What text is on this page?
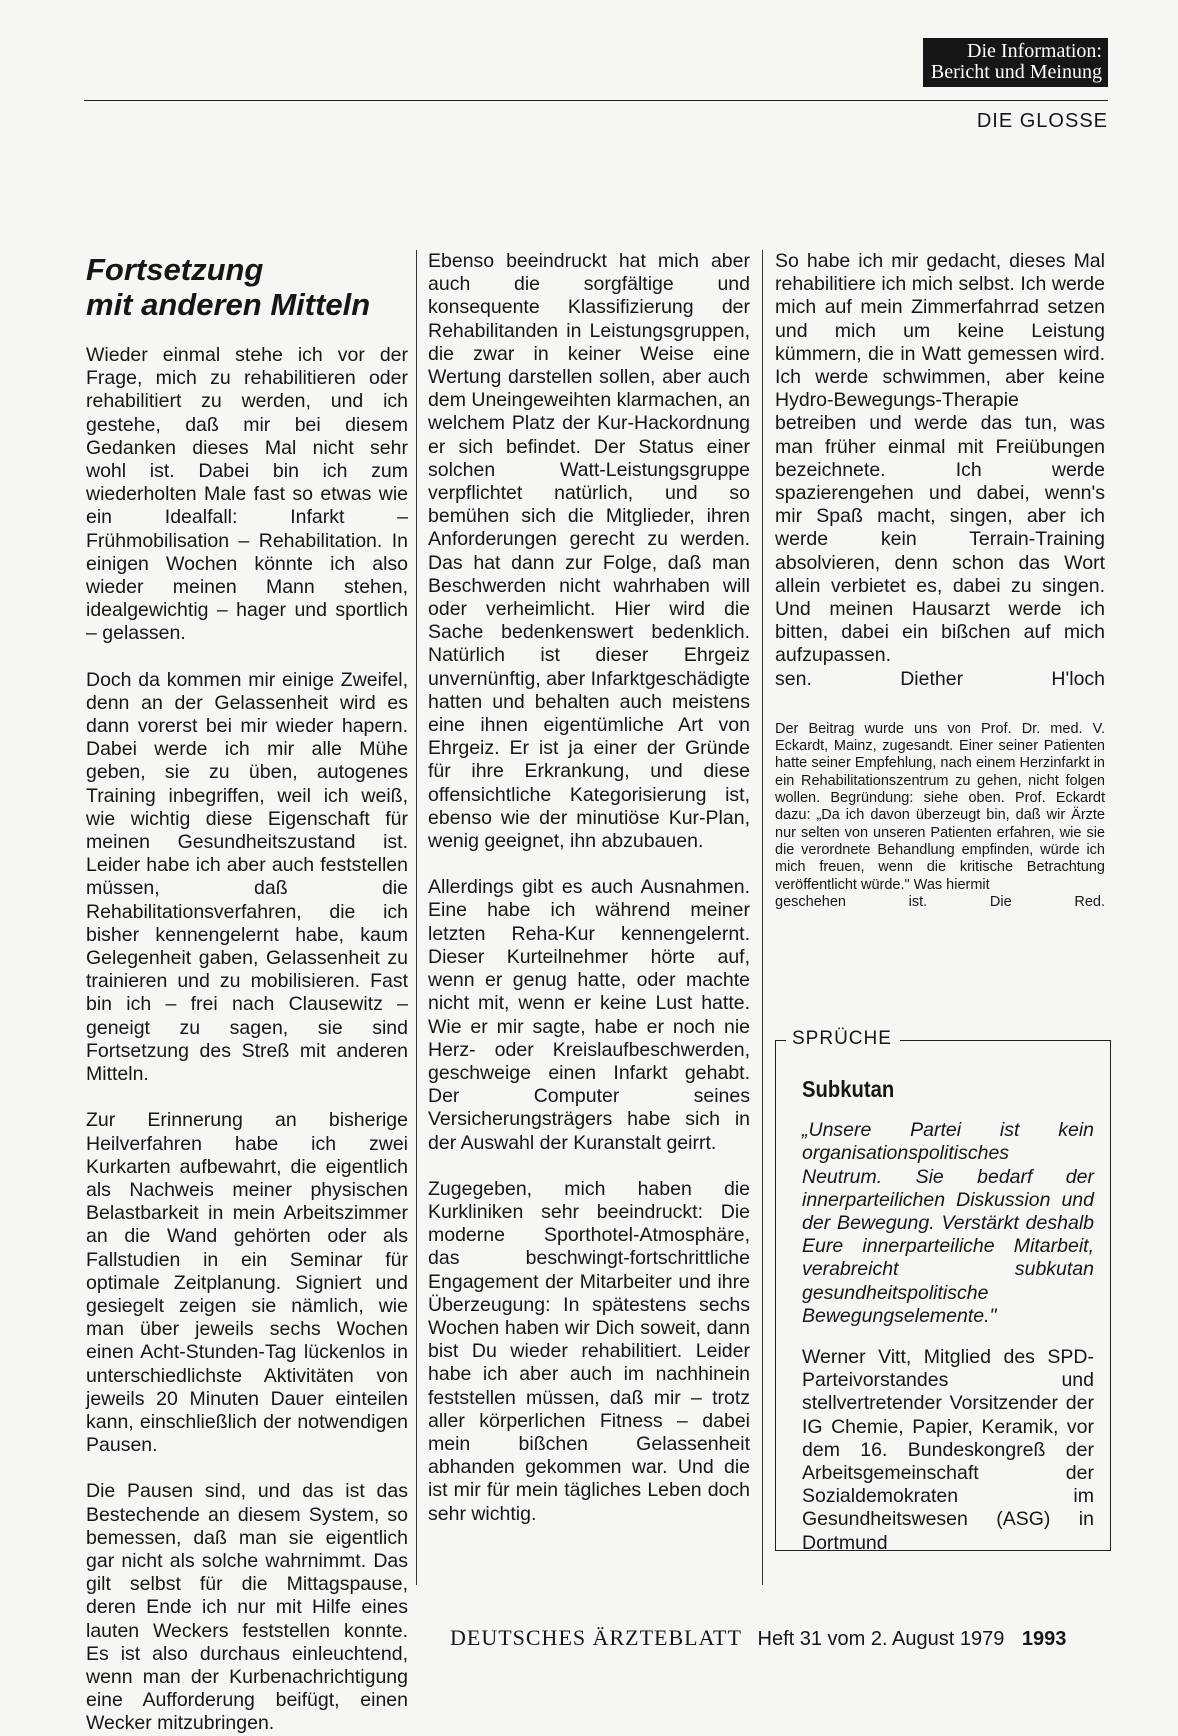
Die Information:
Bericht und Meinung
DIE GLOSSE
Fortsetzung
mit anderen Mitteln

Wieder einmal stehe ich vor der Frage, mich zu rehabilitieren oder rehabilitiert zu werden, und ich gestehe, daß mir bei diesem Gedanken dieses Mal nicht sehr wohl ist. Dabei bin ich zum wiederholten Male fast so etwas wie ein Idealfall: Infarkt – Frühmobilisation – Rehabilitation. In einigen Wochen könnte ich also wieder meinen Mann stehen, idealgewichtig – hager und sportlich – gelassen.

Doch da kommen mir einige Zweifel, denn an der Gelassenheit wird es dann vorerst bei mir wieder hapern. Dabei werde ich mir alle Mühe geben, sie zu üben, autogenes Training inbegriffen, weil ich weiß, wie wichtig diese Eigenschaft für meinen Gesundheitszustand ist. Leider habe ich aber auch feststellen müssen, daß die Rehabilitationsverfahren, die ich bisher kennengelernt habe, kaum Gelegenheit gaben, Gelassenheit zu trainieren und zu mobilisieren. Fast bin ich – frei nach Clausewitz – geneigt zu sagen, sie sind Fortsetzung des Streß mit anderen Mitteln.

Zur Erinnerung an bisherige Heilverfahren habe ich zwei Kurkarten aufbewahrt, die eigentlich als Nachweis meiner physischen Belastbarkeit in mein Arbeitszimmer an die Wand gehörten oder als Fallstudien in ein Seminar für optimale Zeitplanung. Signiert und gesiegelt zeigen sie nämlich, wie man über jeweils sechs Wochen einen Acht-Stunden-Tag lückenlos in unterschiedlichste Aktivitäten von jeweils 20 Minuten Dauer einteilen kann, einschließlich der notwendigen Pausen.

Die Pausen sind, und das ist das Bestechende an diesem System, so bemessen, daß man sie eigentlich gar nicht als solche wahrnimmt. Das gilt selbst für die Mittagspause, deren Ende ich nur mit Hilfe eines lauten Weckers feststellen konnte. Es ist also durchaus einleuchtend, wenn man der Kurbenachrichtigung eine Aufforderung beifügt, einen Wecker mitzubringen.

Ebenso beeindruckt hat mich aber auch die sorgfältige und konsequente Klassifizierung der Rehabilitanden in Leistungsgruppen, die zwar in keiner Weise eine Wertung darstellen sollen, aber auch dem Uneingeweihten klarmachen, an welchem Platz der Kur-Hackordnung er sich befindet. Der Status einer solchen Watt-Leistungsgruppe verpflichtet natürlich, und so bemühen sich die Mitglieder, ihren Anforderungen gerecht zu werden. Das hat dann zur Folge, daß man Beschwerden nicht wahrhaben will oder verheimlicht. Hier wird die Sache bedenkenswert bedenklich. Natürlich ist dieser Ehrgeiz unvernünftig, aber Infarktgeschädigte hatten und behalten auch meistens eine ihnen eigentümliche Art von Ehrgeiz. Er ist ja einer der Gründe für ihre Erkrankung, und diese offensichtliche Kategorisierung ist, ebenso wie der minutiöse Kur-Plan, wenig geeignet, ihn abzubauen.

Allerdings gibt es auch Ausnahmen. Eine habe ich während meiner letzten Reha-Kur kennengelernt. Dieser Kurteilnehmer hörte auf, wenn er genug hatte, oder machte nicht mit, wenn er keine Lust hatte. Wie er mir sagte, habe er noch nie Herz- oder Kreislaufbeschwerden, geschweige einen Infarkt gehabt. Der Computer seines Versicherungsträgers habe sich in der Auswahl der Kuranstalt geirrt.

Zugegeben, mich haben die Kurkliniken sehr beeindruckt: Die moderne Sporthotel-Atmosphäre, das beschwingt-fortschrittliche Engagement der Mitarbeiter und ihre Überzeugung: In spätestens sechs Wochen haben wir Dich soweit, dann bist Du wieder rehabilitiert. Leider habe ich aber auch im nachhinein feststellen müssen, daß mir – trotz aller körperlichen Fitness – dabei mein bißchen Gelassenheit abhanden gekommen war. Und die ist mir für mein tägliches Leben doch sehr wichtig.

So habe ich mir gedacht, dieses Mal rehabilitiere ich mich selbst. Ich werde mich auf mein Zimmerfahrrad setzen und mich um keine Leistung kümmern, die in Watt gemessen wird. Ich werde schwimmen, aber keine Hydro-Bewegungs-Therapie betreiben und werde das tun, was man früher einmal mit Freiübungen bezeichnete. Ich werde spazierengehen und dabei, wenn's mir Spaß macht, singen, aber ich werde kein Terrain-Training absolvieren, denn schon das Wort allein verbietet es, dabei zu singen. Und meinen Hausarzt werde ich bitten, dabei ein bißchen auf mich aufzupassen.

sen.	Diether H'loch
Der Beitrag wurde uns von Prof. Dr. med. V. Eckardt, Mainz, zugesandt. Einer seiner Patienten hatte seiner Empfehlung, nach einem Herzinfarkt in ein Rehabilitationszentrum zu gehen, nicht folgen wollen. Begründung: siehe oben. Prof. Eckardt dazu: „Da ich davon überzeugt bin, daß wir Ärzte nur selten von unseren Patienten erfahren, wie sie die verordnete Behandlung empfinden, würde ich mich freuen, wenn die kritische Betrachtung veröffentlicht würde." Was hiermit
geschehen ist.	Die Red.
SPRÜCHE
Subkutan

„Unsere Partei ist kein organisationspolitisches Neutrum. Sie bedarf der innerparteilichen Diskussion und der Bewegung. Verstärkt deshalb Eure innerparteiliche Mitarbeit, verabreicht subkutan gesundheitspolitische Bewegungselemente."

Werner Vitt, Mitglied des SPD-Parteivorstandes und stellvertretender Vorsitzender der IG Chemie, Papier, Keramik, vor dem 16. Bundeskongreß der Arbeitsgemeinschaft der Sozialdemokraten im Gesundheitswesen (ASG) in Dortmund

DEUTSCHES ÄRZTEBLATT Heft 31 vom 2. August 1979 1993
